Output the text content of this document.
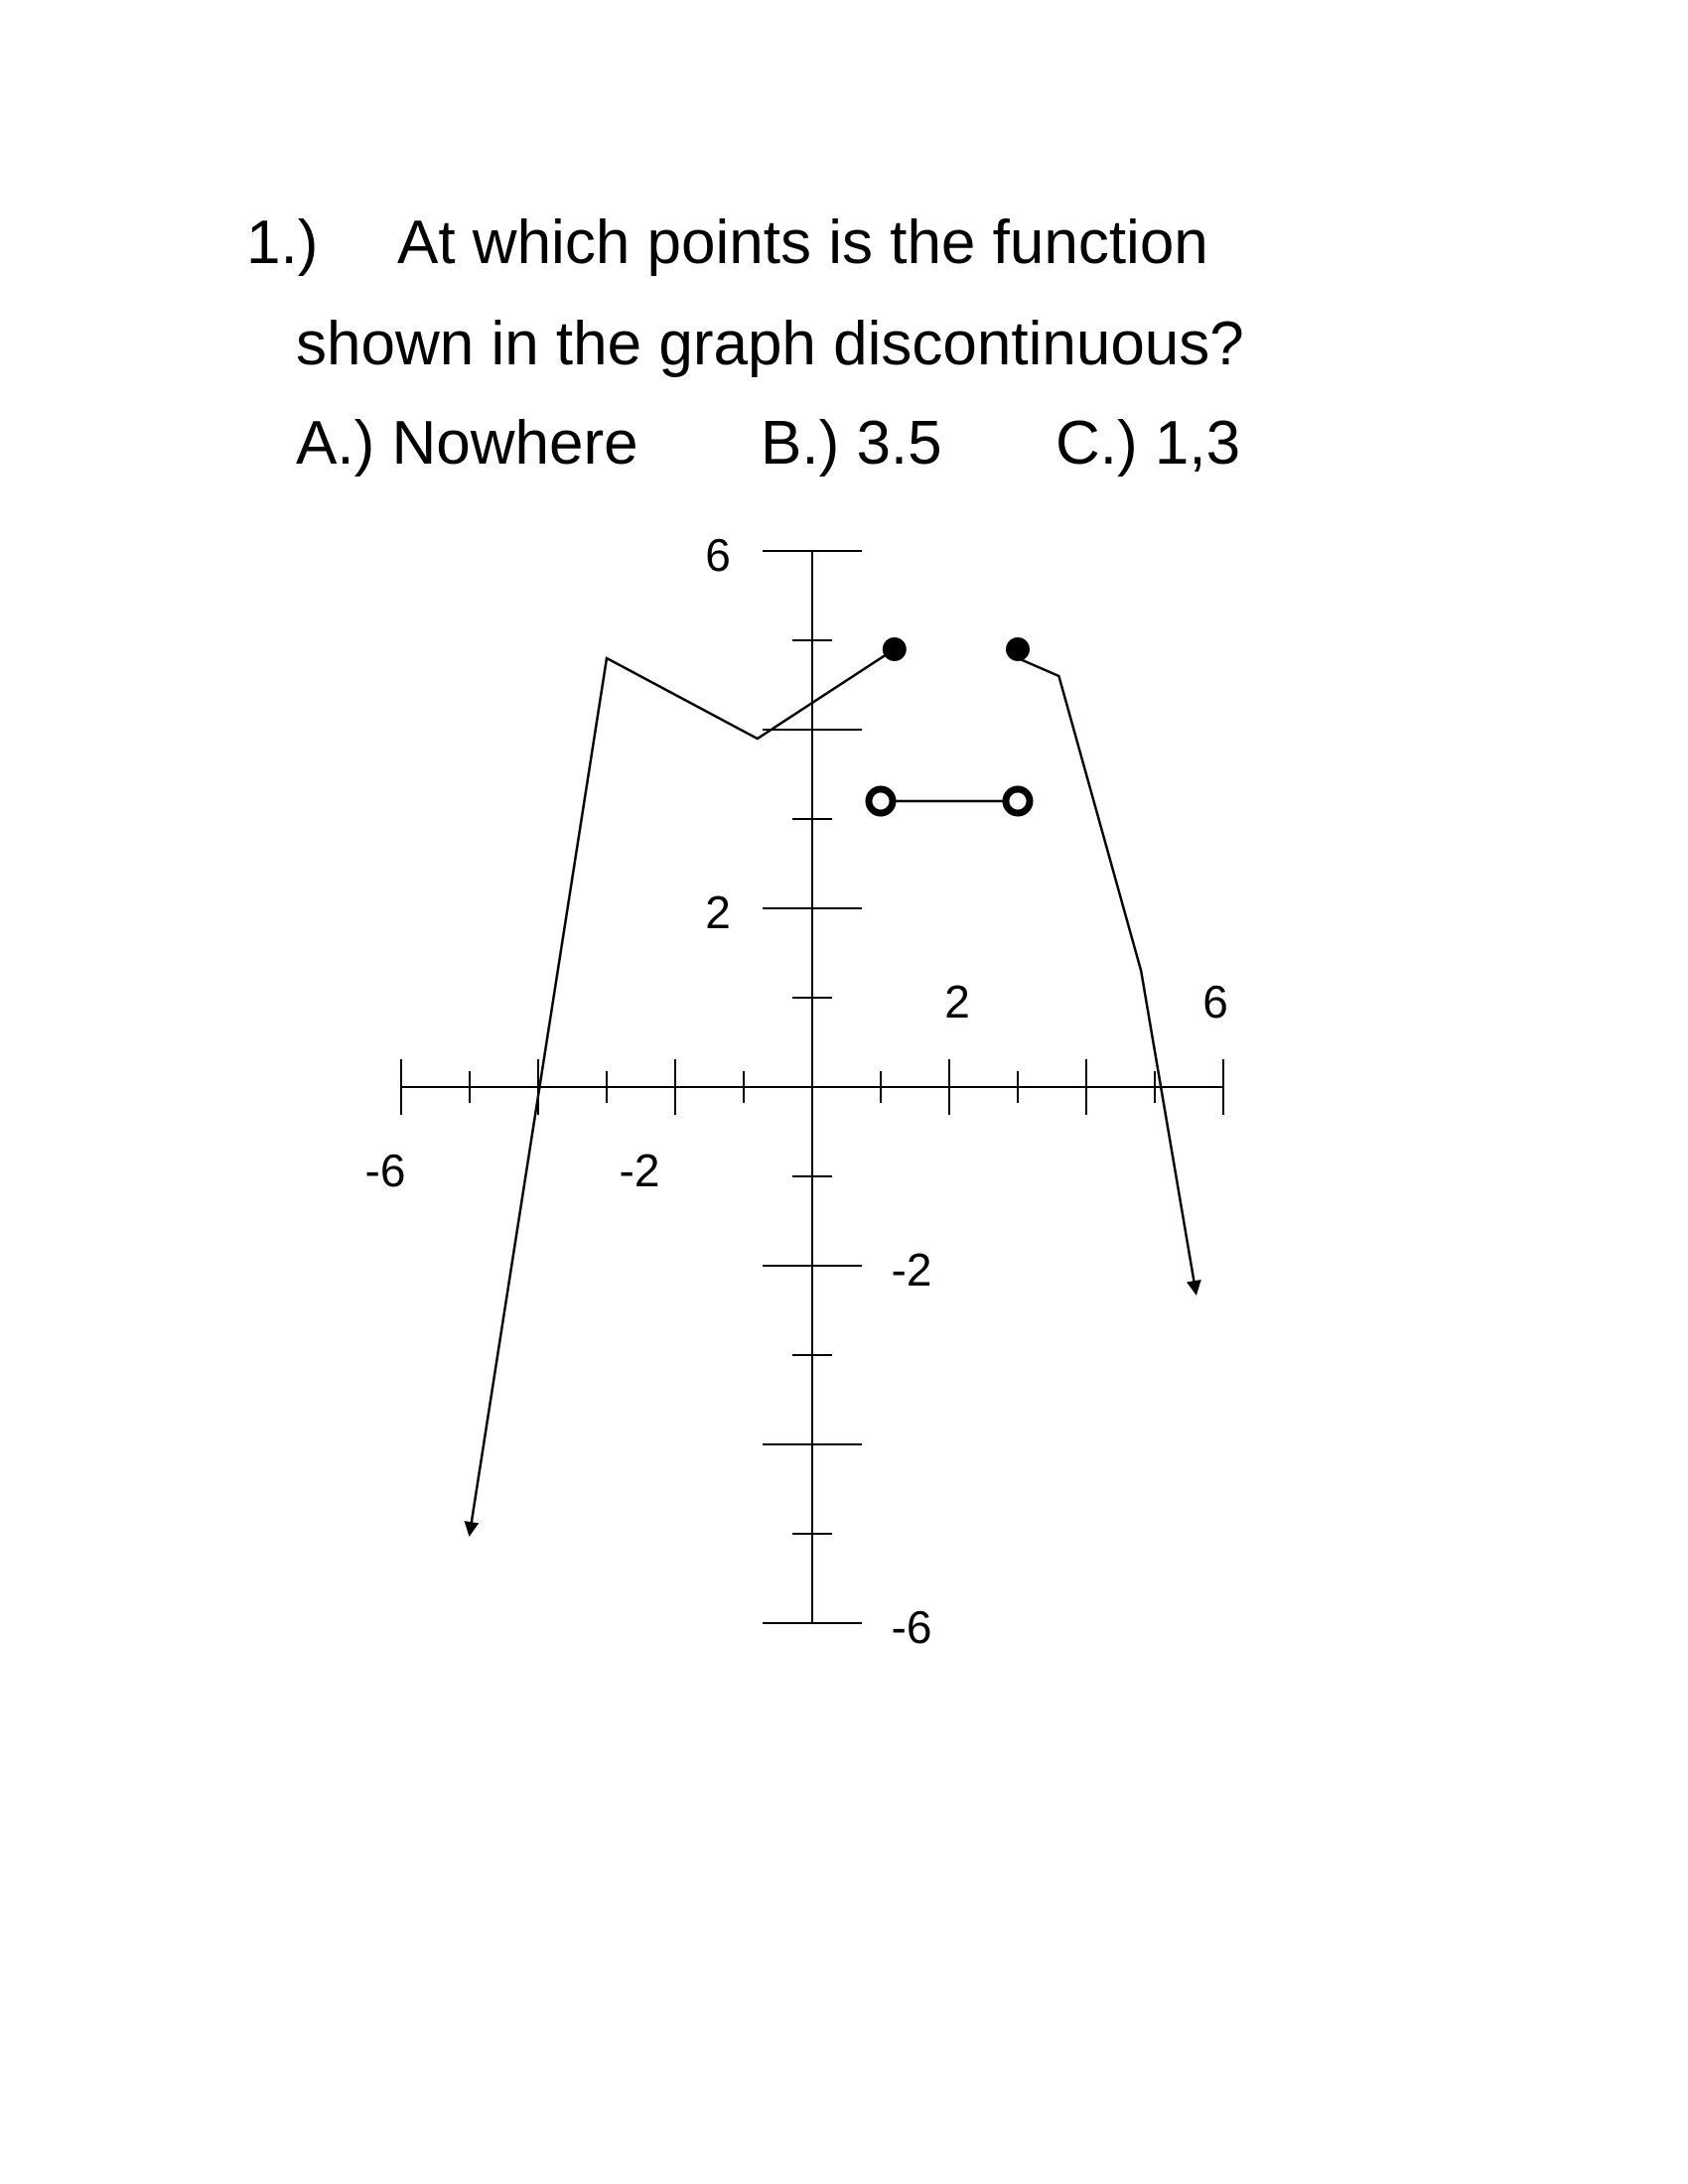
1.) At which points is the function
shown in the graph discontinuous?
A.) Nowhere B.) 3.5 C.) 1,3
-6	-2
2	6
6
2
-2
-6
